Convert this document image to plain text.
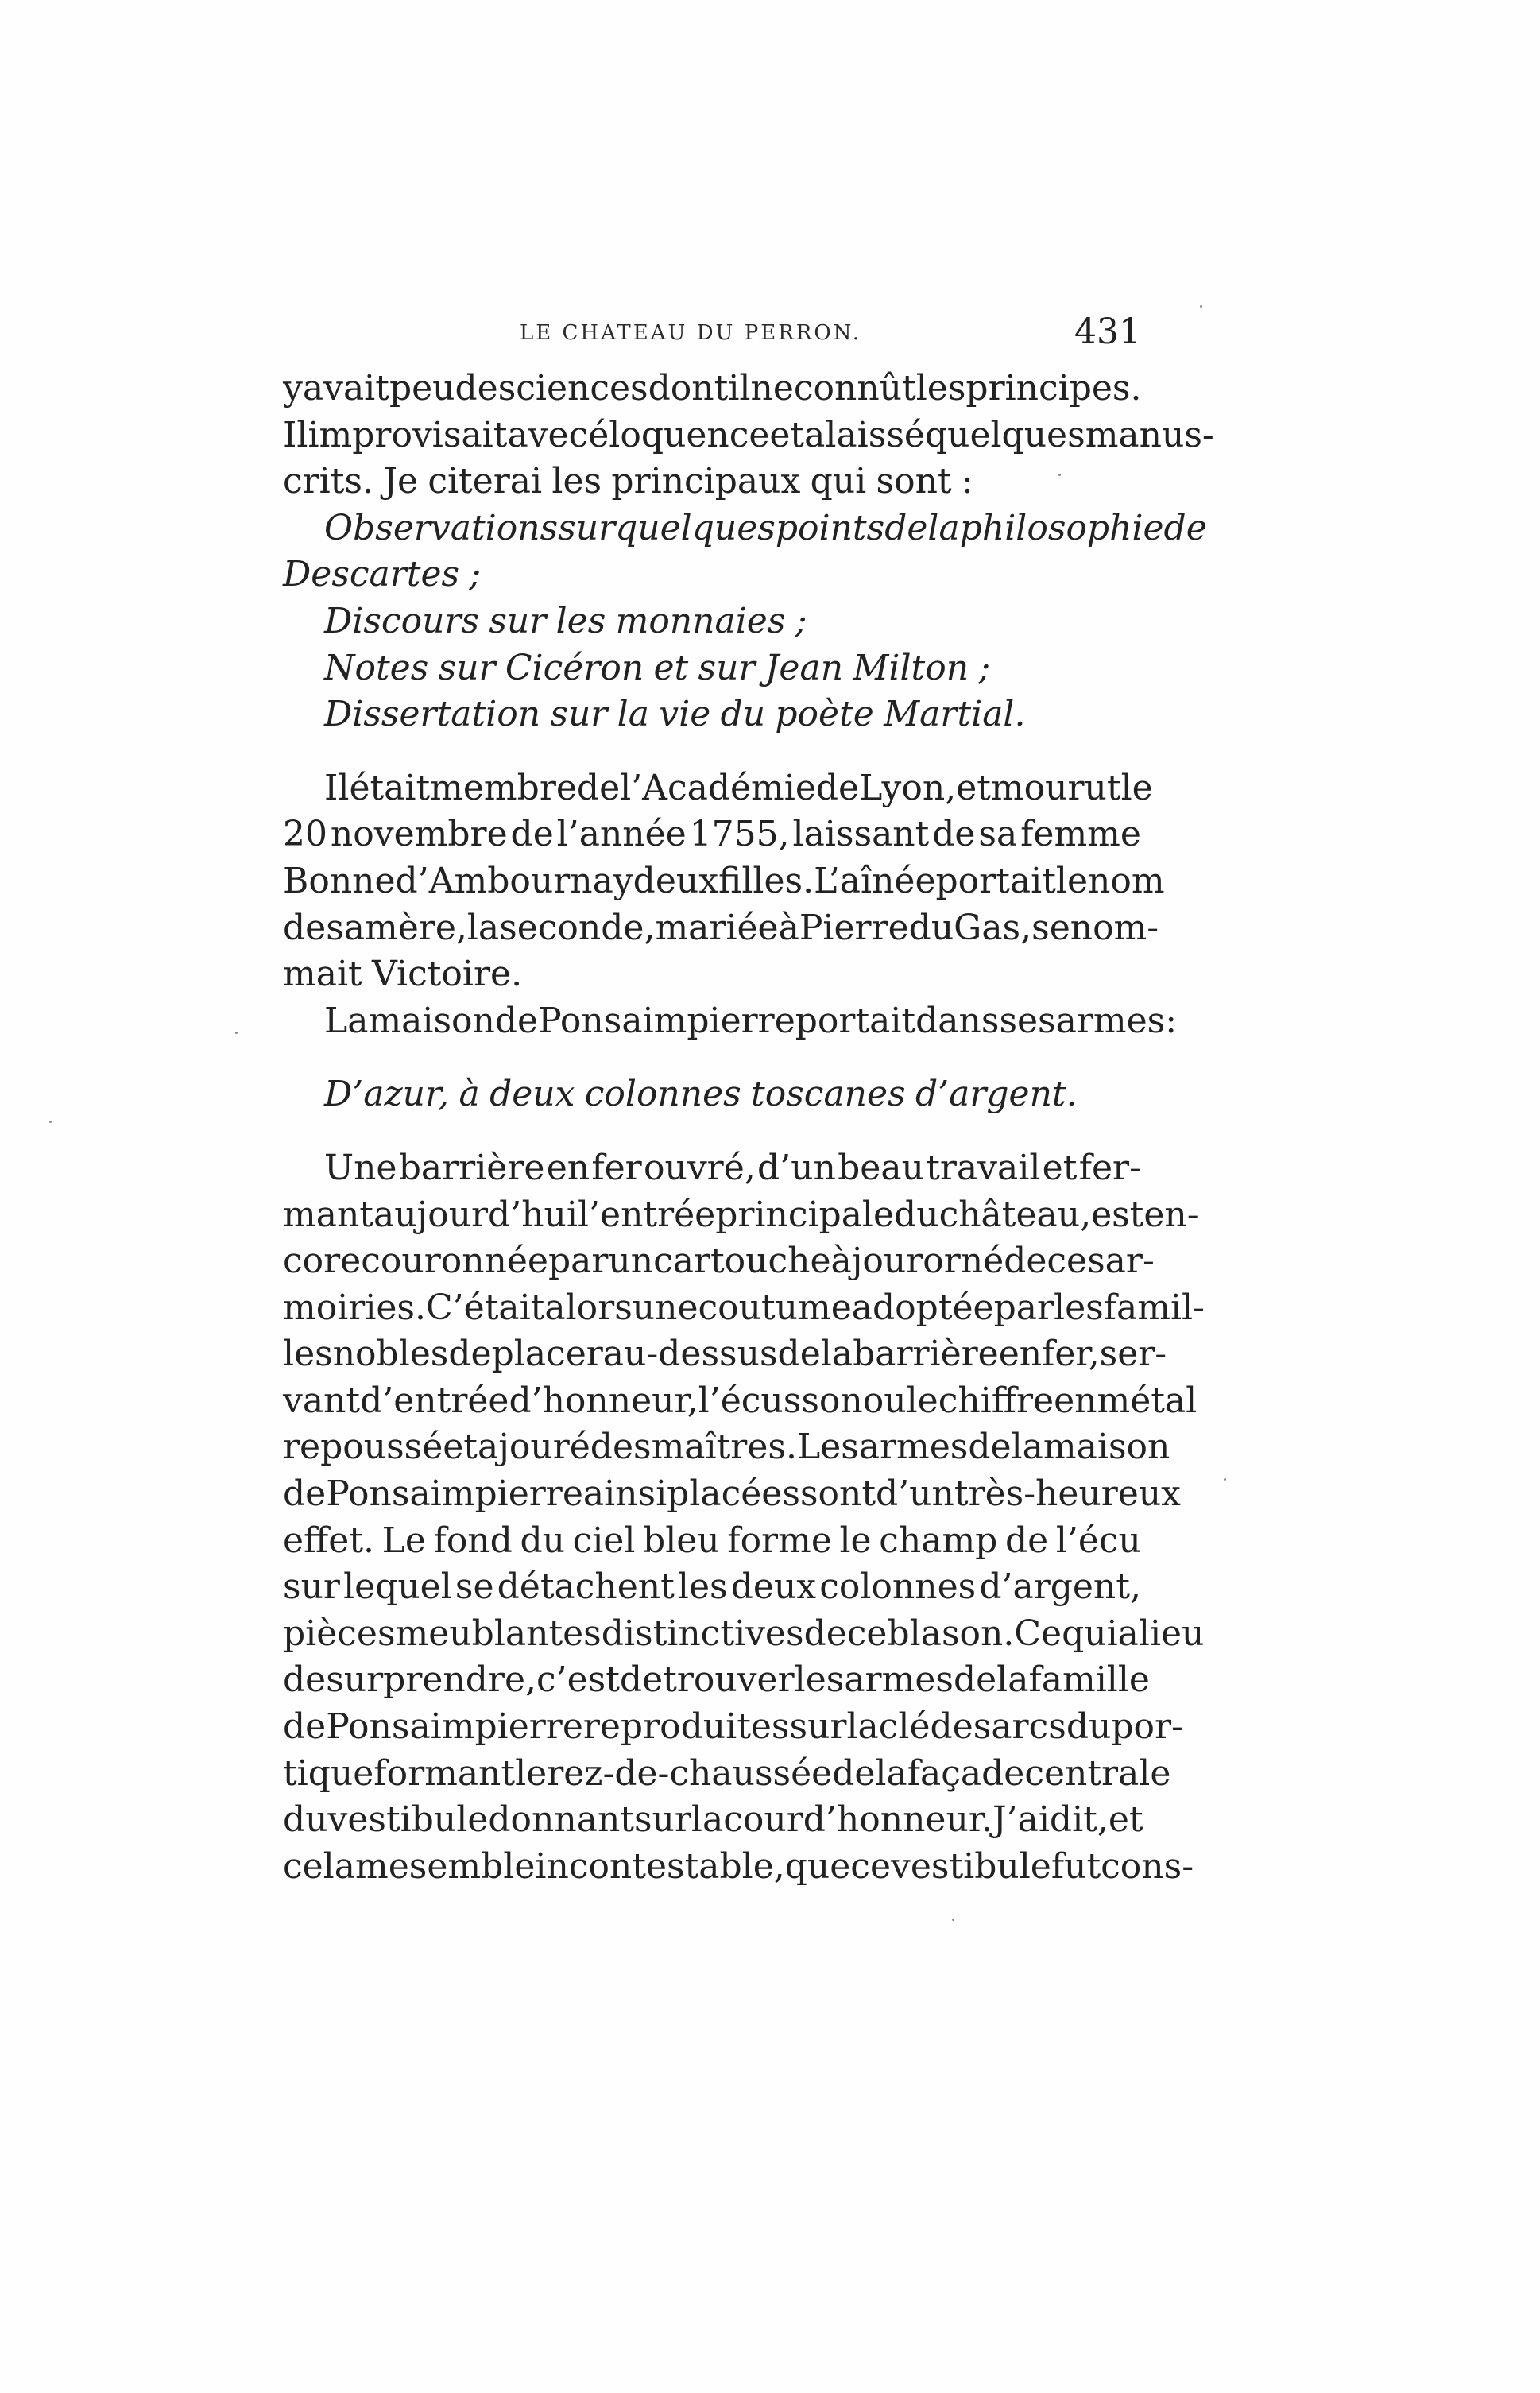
LE CHATEAU DU PERRON.	431
y avait peu de sciences dont il ne connût les principes.
Il improvisait avec éloquence et a laissé quelques manus-
crits. Je citerai les principaux qui sont :
Observations sur quelques points de la philosophie de
Descartes ;
Discours sur les monnaies ;
Notes sur Cicéron et sur Jean Milton ;
Dissertation sur la vie du poète Martial.
Il était membre de l’Académie de Lyon, et mourut le
20 novembre de l’année 1755, laissant de sa femme
Bonne d’Ambournay deux filles. L’aînée portait le nom
de sa mère, la seconde, mariée à Pierre du Gas, se nom-
mait Victoire.
La maison de Ponsaimpierre portait dans ses armes :
D’azur, à deux colonnes toscanes d’argent.
Une barrière en fer ouvré, d’un beau travail et fer-
mant aujourd’hui l’entrée principale du château, est en-
core couronnée par un cartouche à jour orné de ces ar-
moiries. C’était alors une coutume adoptée par les famil-
les nobles de placer au-dessus de la barrière en fer, ser-
vant d’entrée d’honneur, l’écusson ou le chiffre en métal
repoussé et ajouré des maîtres. Les armes de la maison
de Ponsaimpierre ainsi placées sont d’un très-heureux
effet. Le fond du ciel bleu forme le champ de l’écu
sur lequel se détachent les deux colonnes d’argent,
pièces meublantes distinctives de ce blason. Ce qui a lieu
de surprendre, c’est de trouver les armes de la famille
de Ponsaimpierre reproduites sur la clé des arcs du por-
tique formant le rez-de-chaussée de la façade centrale
du vestibule donnant sur la cour d’honneur. J’ai dit, et
cela me semble incontestable, que ce vestibule fut cons-
